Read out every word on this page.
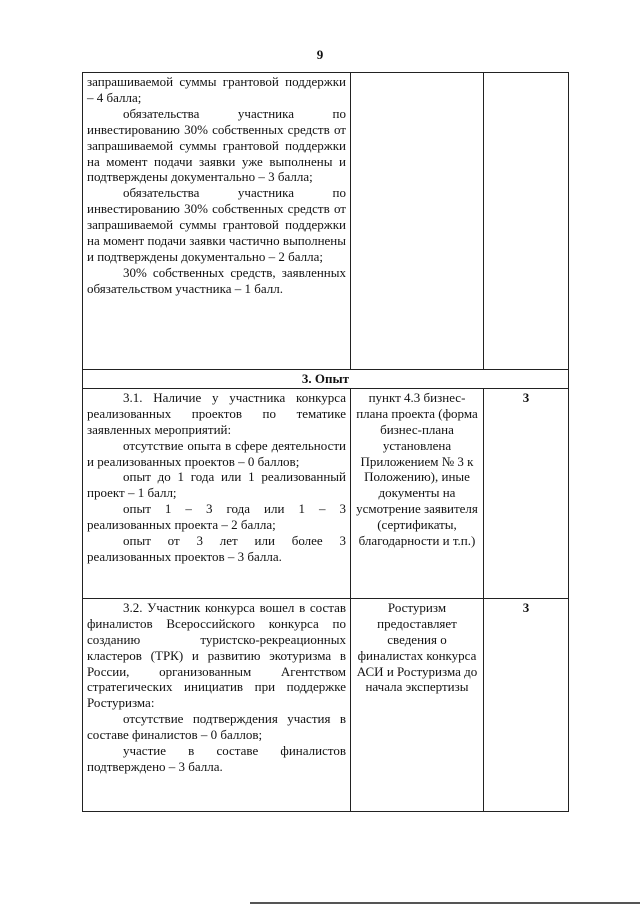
9

запрашиваемой суммы грантовой поддержки – 4 балла;

обязательства участника по инвестированию 30% собственных средств от запрашиваемой суммы грантовой поддержки на момент подачи заявки уже выполнены и подтверждены документально – 3 балла;

обязательства участника по инвестированию 30% собственных средств от запрашиваемой суммы грантовой поддержки на момент подачи заявки частично выполнены и подтверждены документально – 2 балла;

30% собственных средств, заявленных обязательством участника – 1 балл.		

3. Опыт		

3.1. Наличие у участника конкурса реализованных проектов по тематике заявленных мероприятий:

отсутствие опыта в сфере деятельности и реализованных проектов – 0 баллов;

опыт до 1 года или 1 реализованный проект – 1 балл;

опыт 1 – 3 года или 1 – 3 реализованных проекта – 2 балла;

опыт от 3 лет или более 3 реализованных проектов – 3 балла.	пункт 4.3 бизнес-плана проекта (форма бизнес-плана установлена Приложением № 3 к Положению), иные документы на усмотрение заявителя (сертификаты, благодарности и т.п.)	3

3.2. Участник конкурса вошел в состав финалистов Всероссийского конкурса по созданию туристско-рекреационных кластеров (ТРК) и развитию экотуризма в России, организованным Агентством стратегических инициатив при поддержке Ростуризма:

отсутствие подтверждения участия в составе финалистов – 0 баллов;

участие в составе финалистов подтверждено – 3 балла.	Ростуризм предоставляет сведения о финалистах конкурса АСИ и Ростуризма до начала экспертизы	3
